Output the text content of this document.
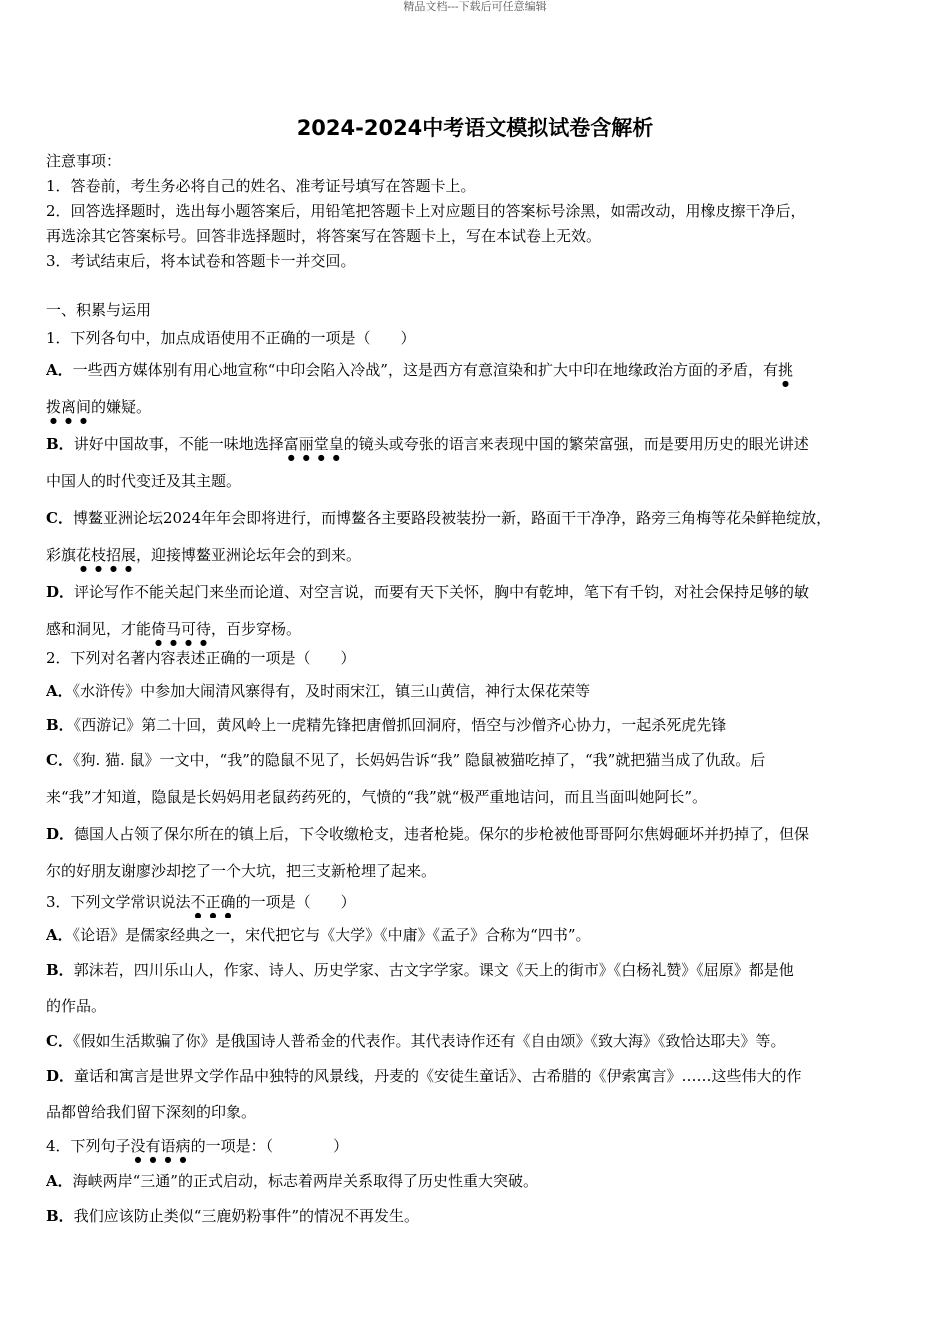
精品文档---下载后可任意编辑
2024-2024中考语文模拟试卷含解析
注意事项：
1．答卷前，考生务必将自己的姓名、准考证号填写在答题卡上。
2．回答选择题时，选出每小题答案后，用铅笔把答题卡上对应题目的答案标号涂黑，如需改动，用橡皮擦干净后，
再选涂其它答案标号。回答非选择题时，将答案写在答题卡上，写在本试卷上无效。
3．考试结束后，将本试卷和答题卡一并交回。
一、积累与运用
1．下列各句中，加点成语使用不正确的一项是（　　）
A．一些西方媒体别有用心地宣称“中印会陷入冷战”，这是西方有意渲染和扩大中印在地缘政治方面的矛盾，有挑
拨离间的嫌疑。
B．讲好中国故事，不能一味地选择富丽堂皇的镜头或夸张的语言来表现中国的繁荣富强，而是要用历史的眼光讲述
中国人的时代变迁及其主题。
C．博鳌亚洲论坛2024年年会即将进行，而博鳌各主要路段被装扮一新，路面干干净净，路旁三角梅等花朵鲜艳绽放，
彩旗花枝招展，迎接博鳌亚洲论坛年会的到来。
D．评论写作不能关起门来坐而论道、对空言说，而要有天下关怀，胸中有乾坤，笔下有千钧，对社会保持足够的敏
感和洞见，才能倚马可待，百步穿杨。
2．下列对名著内容表述正确的一项是（　　）
A．《水浒传》中参加大闹清风寨得有，及时雨宋江，镇三山黄信，神行太保花荣等
B．《西游记》第二十回，黄风岭上一虎精先锋把唐僧抓回洞府，悟空与沙僧齐心协力，一起杀死虎先锋
C．《狗. 猫. 鼠》一文中，“我”的隐鼠不见了，长妈妈告诉“我” 隐鼠被猫吃掉了，“我”就把猫当成了仇敌。后
来“我”才知道，隐鼠是长妈妈用老鼠药药死的，气愤的“我”就“极严重地诘问，而且当面叫她阿长”。
D．德国人占领了保尔所在的镇上后，下令收缴枪支，违者枪毙。保尔的步枪被他哥哥阿尔焦姆砸坏并扔掉了，但保
尔的好朋友谢廖沙却挖了一个大坑，把三支新枪埋了起来。
3．下列文学常识说法不正确的一项是（　　）
A．《论语》是儒家经典之一，宋代把它与《大学》《中庸》《孟子》合称为“四书”。
B．郭沫若，四川乐山人，作家、诗人、历史学家、古文字学家。课文《天上的街市》《白杨礼赞》《屈原》都是他
的作品。
C．《假如生活欺骗了你》是俄国诗人普希金的代表作。其代表诗作还有《自由颂》《致大海》《致恰达耶夫》等。
D．童话和寓言是世界文学作品中独特的风景线，丹麦的《安徒生童话》、古希腊的《伊索寓言》……这些伟大的作
品都曾给我们留下深刻的印象。
4．下列句子没有语病的一项是：（　　　　）
A．海峡两岸“三通”的正式启动，标志着两岸关系取得了历史性重大突破。
B．我们应该防止类似“三鹿奶粉事件”的情况不再发生。
